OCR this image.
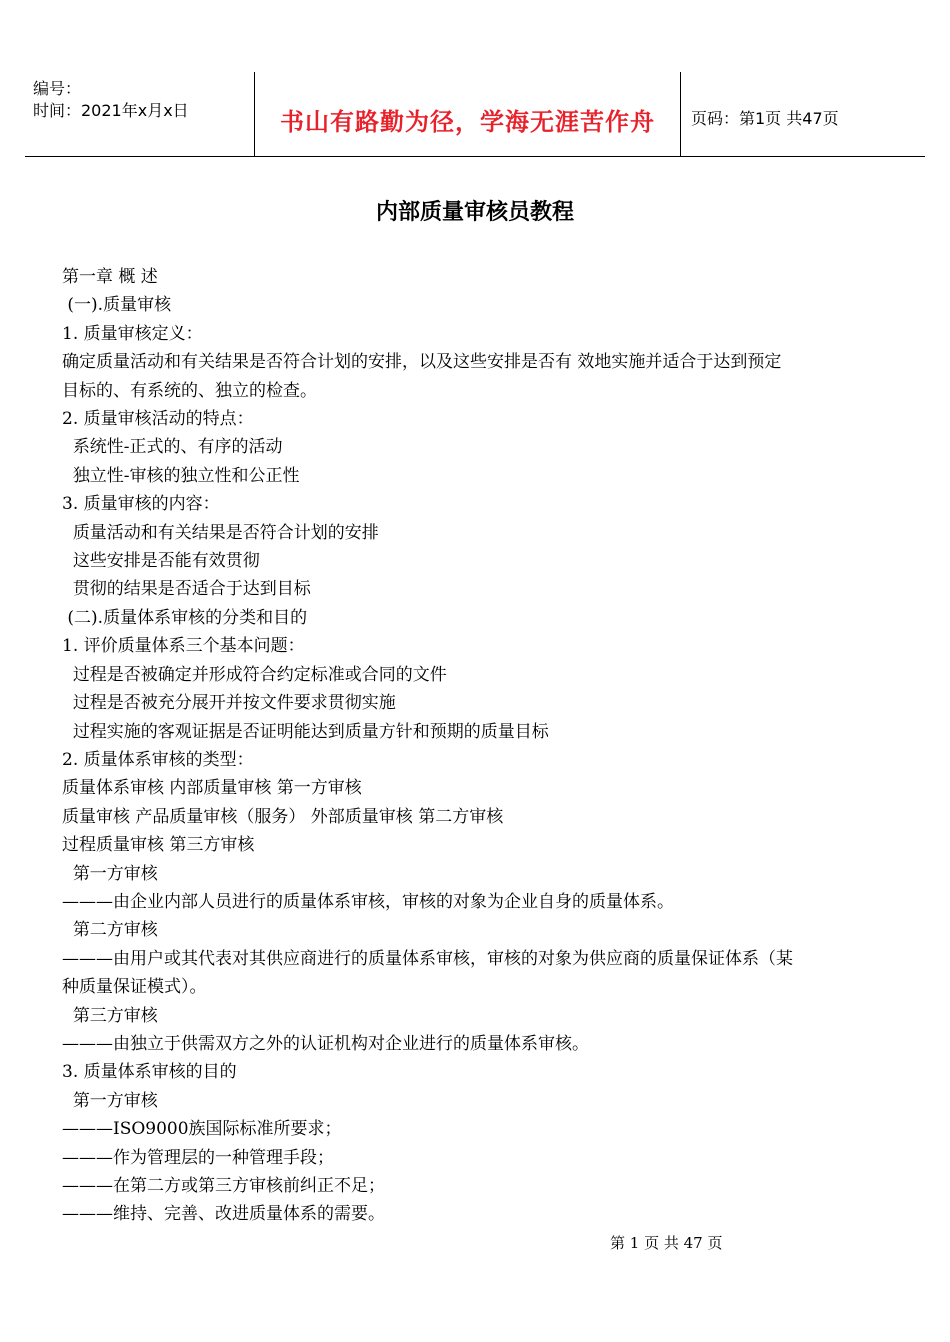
编号：
时间：2021年x月x日	书山有路勤为径，学海无涯苦作舟	页码：第1页 共47页
内部质量审核员教程
第一章 概 述
(一).质量审核
1. 质量审核定义：
确定质量活动和有关结果是否符合计划的安排，以及这些安排是否有 效地实施并适合于达到预定
目标的、有系统的、独立的检查。
2. 质量审核活动的特点：
系统性-正式的、有序的活动
独立性-审核的独立性和公正性
3. 质量审核的内容：
质量活动和有关结果是否符合计划的安排
这些安排是否能有效贯彻
贯彻的结果是否适合于达到目标
(二).质量体系审核的分类和目的
1. 评价质量体系三个基本问题：
过程是否被确定并形成符合约定标准或合同的文件
过程是否被充分展开并按文件要求贯彻实施
过程实施的客观证据是否证明能达到质量方针和预期的质量目标
2. 质量体系审核的类型：
质量体系审核 内部质量审核 第一方审核
质量审核 产品质量审核（服务） 外部质量审核 第二方审核
过程质量审核 第三方审核
第一方审核
———由企业内部人员进行的质量体系审核，审核的对象为企业自身的质量体系。
第二方审核
———由用户或其代表对其供应商进行的质量体系审核，审核的对象为供应商的质量保证体系（某
种质量保证模式）。
第三方审核
———由独立于供需双方之外的认证机构对企业进行的质量体系审核。
3. 质量体系审核的目的
第一方审核
———ISO9000族国际标准所要求；
———作为管理层的一种管理手段；
———在第二方或第三方审核前纠正不足；
———维持、完善、改进质量体系的需要。
第 1 页 共 47 页
